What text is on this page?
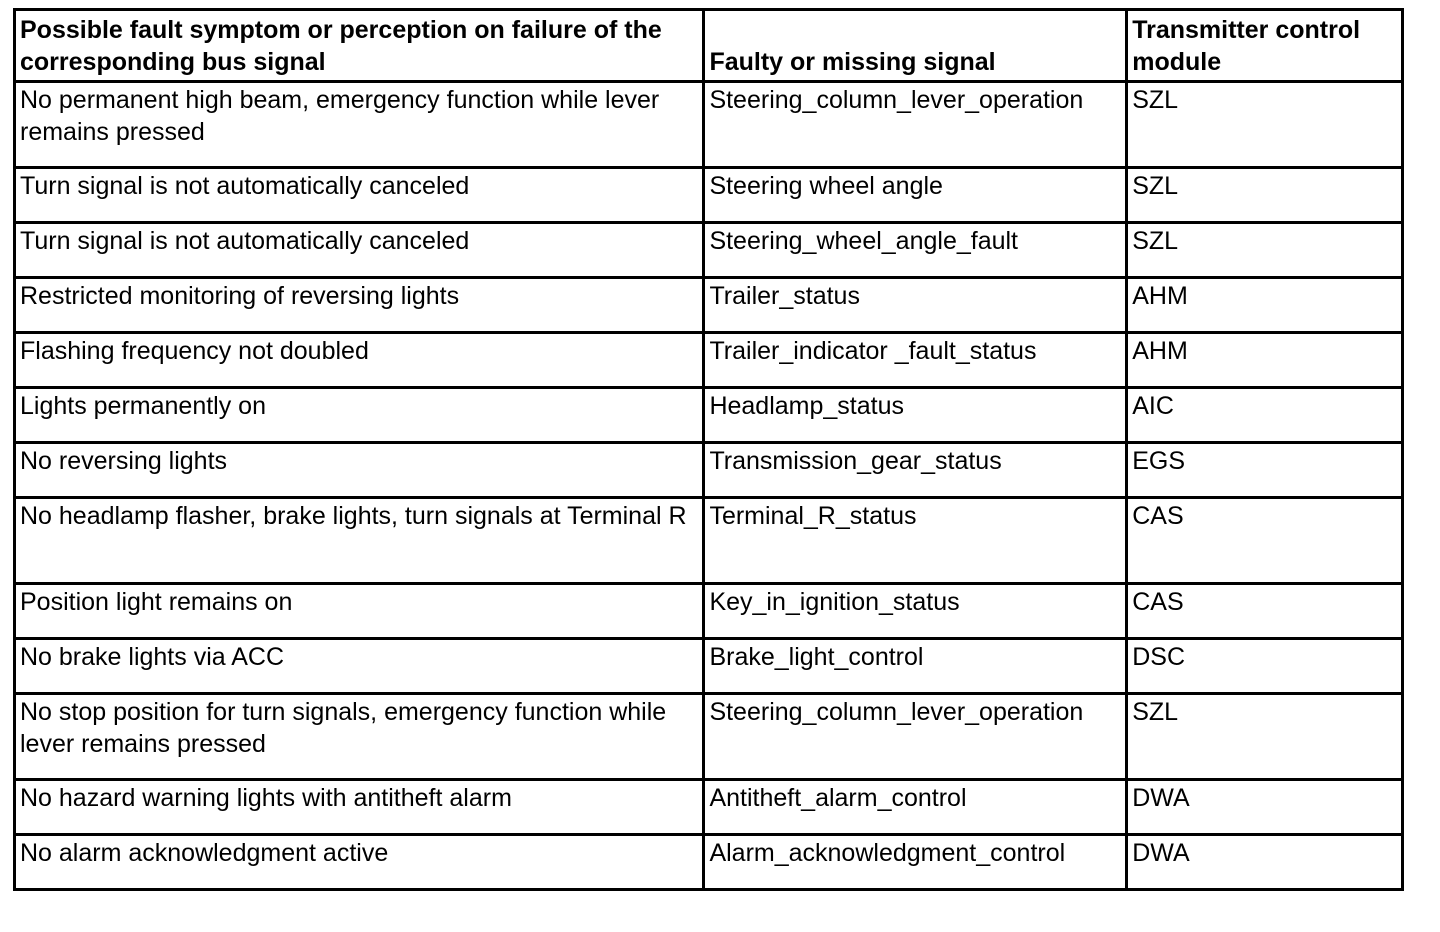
Possible fault symptom or perception on failure of the corresponding bus signal	Faulty or missing signal	Transmitter control module
No permanent high beam, emergency function while lever remains pressed	Steering_column_lever_operation	SZL
Turn signal is not automatically canceled	Steering wheel angle	SZL
Turn signal is not automatically canceled	Steering_wheel_angle_fault	SZL
Restricted monitoring of reversing lights	Trailer_status	AHM
Flashing frequency not doubled	Trailer_indicator _fault_status	AHM
Lights permanently on	Headlamp_status	AIC
No reversing lights	Transmission_gear_status	EGS
No headlamp flasher, brake lights, turn signals at Terminal R	Terminal_R_status	CAS
Position light remains on	Key_in_ignition_status	CAS
No brake lights via ACC	Brake_light_control	DSC
No stop position for turn signals, emergency function while lever remains pressed	Steering_column_lever_operation	SZL
No hazard warning lights with antitheft alarm	Antitheft_alarm_control	DWA
No alarm acknowledgment active	Alarm_acknowledgment_control	DWA
